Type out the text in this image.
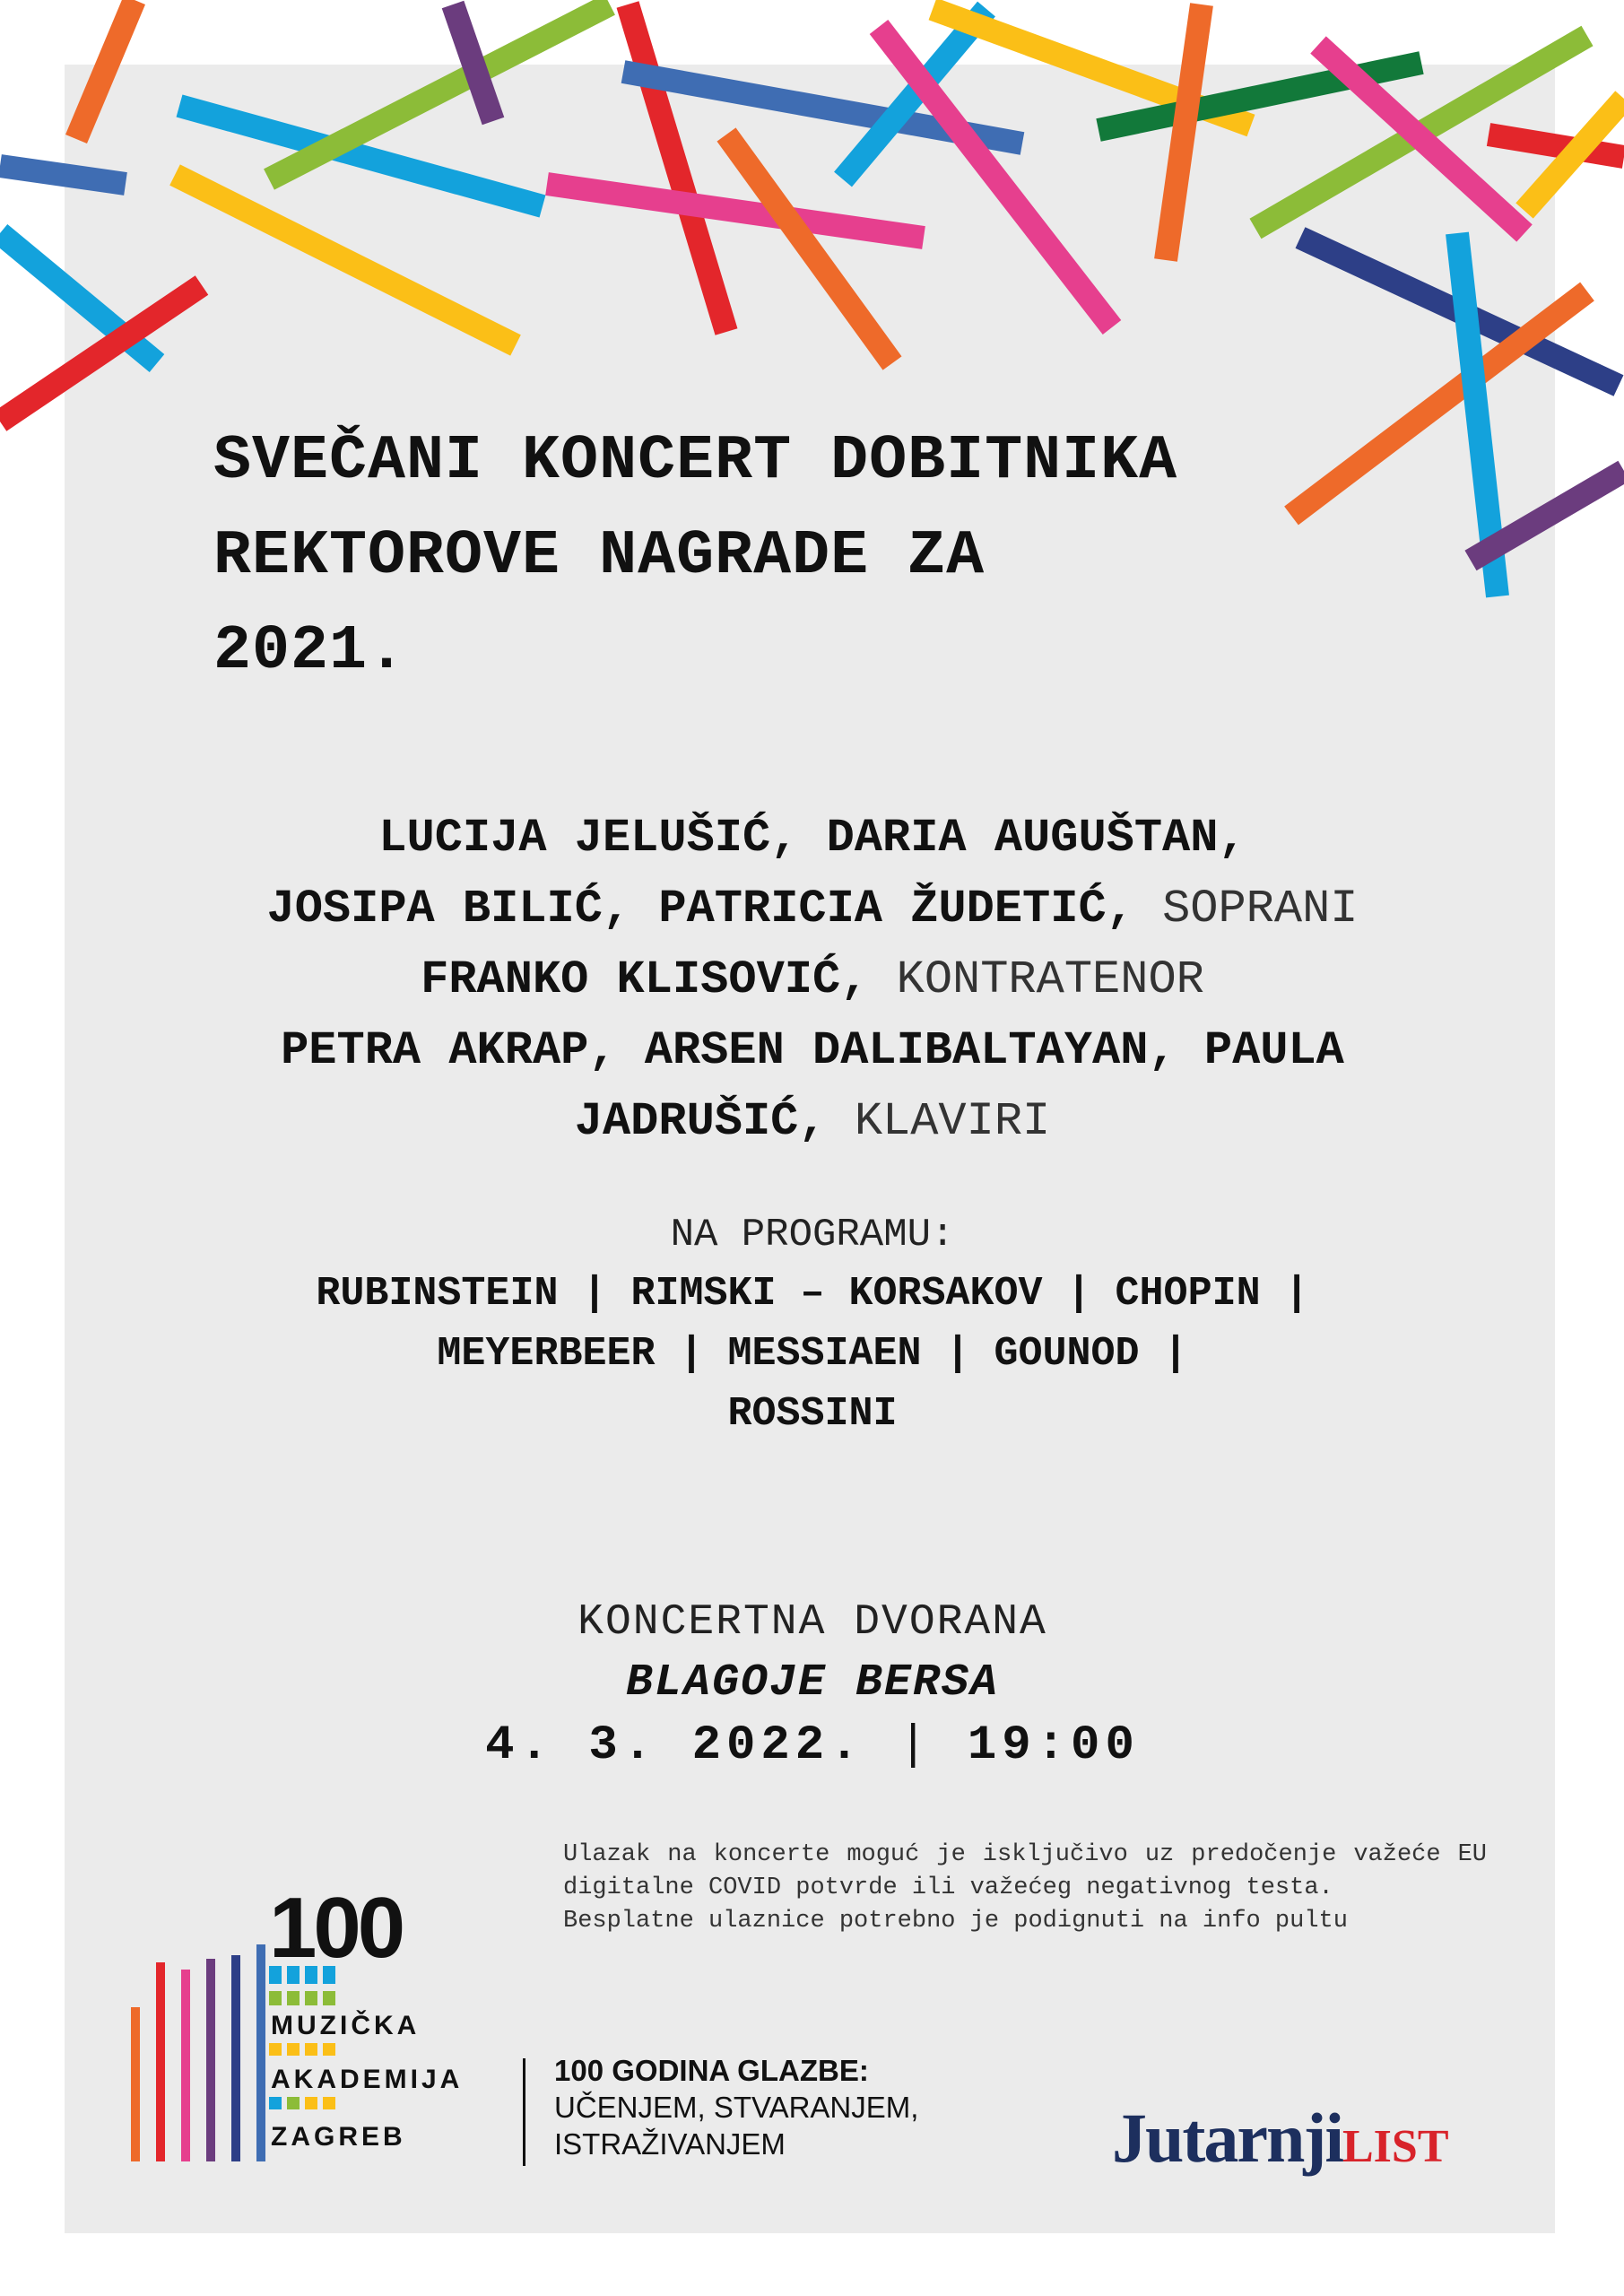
SVEČANI KONCERT DOBITNIKA
REKTOROVE NAGRADE ZA
2021.
LUCIJA JELUŠIĆ, DARIA AUGUŠTAN,
JOSIPA BILIĆ, PATRICIA ŽUDETIĆ, SOPRANI
FRANKO KLISOVIĆ, KONTRATENOR
PETRA AKRAP, ARSEN DALIBALTAYAN, PAULA
JADRUŠIĆ, KLAVIRI
NA PROGRAMU:
RUBINSTEIN | RIMSKI – KORSAKOV | CHOPIN |
MEYERBEER | MESSIAEN | GOUNOD |
ROSSINI
KONCERTNA DVORANA
BLAGOJE BERSA
4. 3. 2022. | 19:00

Ulazak na koncerte moguć je isključivo uz predočenje važeće EU digitalne COVID potvrde ili važećeg negativnog testa.

Besplatne ulaznice potrebno je podignuti na info pultu

100
MUZIČKA
AKADEMIJA
ZAGREB
100 GODINA GLAZBE:
UČENJEM, STVARANJEM,
ISTRAŽIVANJEM	JutarnjiLIST
